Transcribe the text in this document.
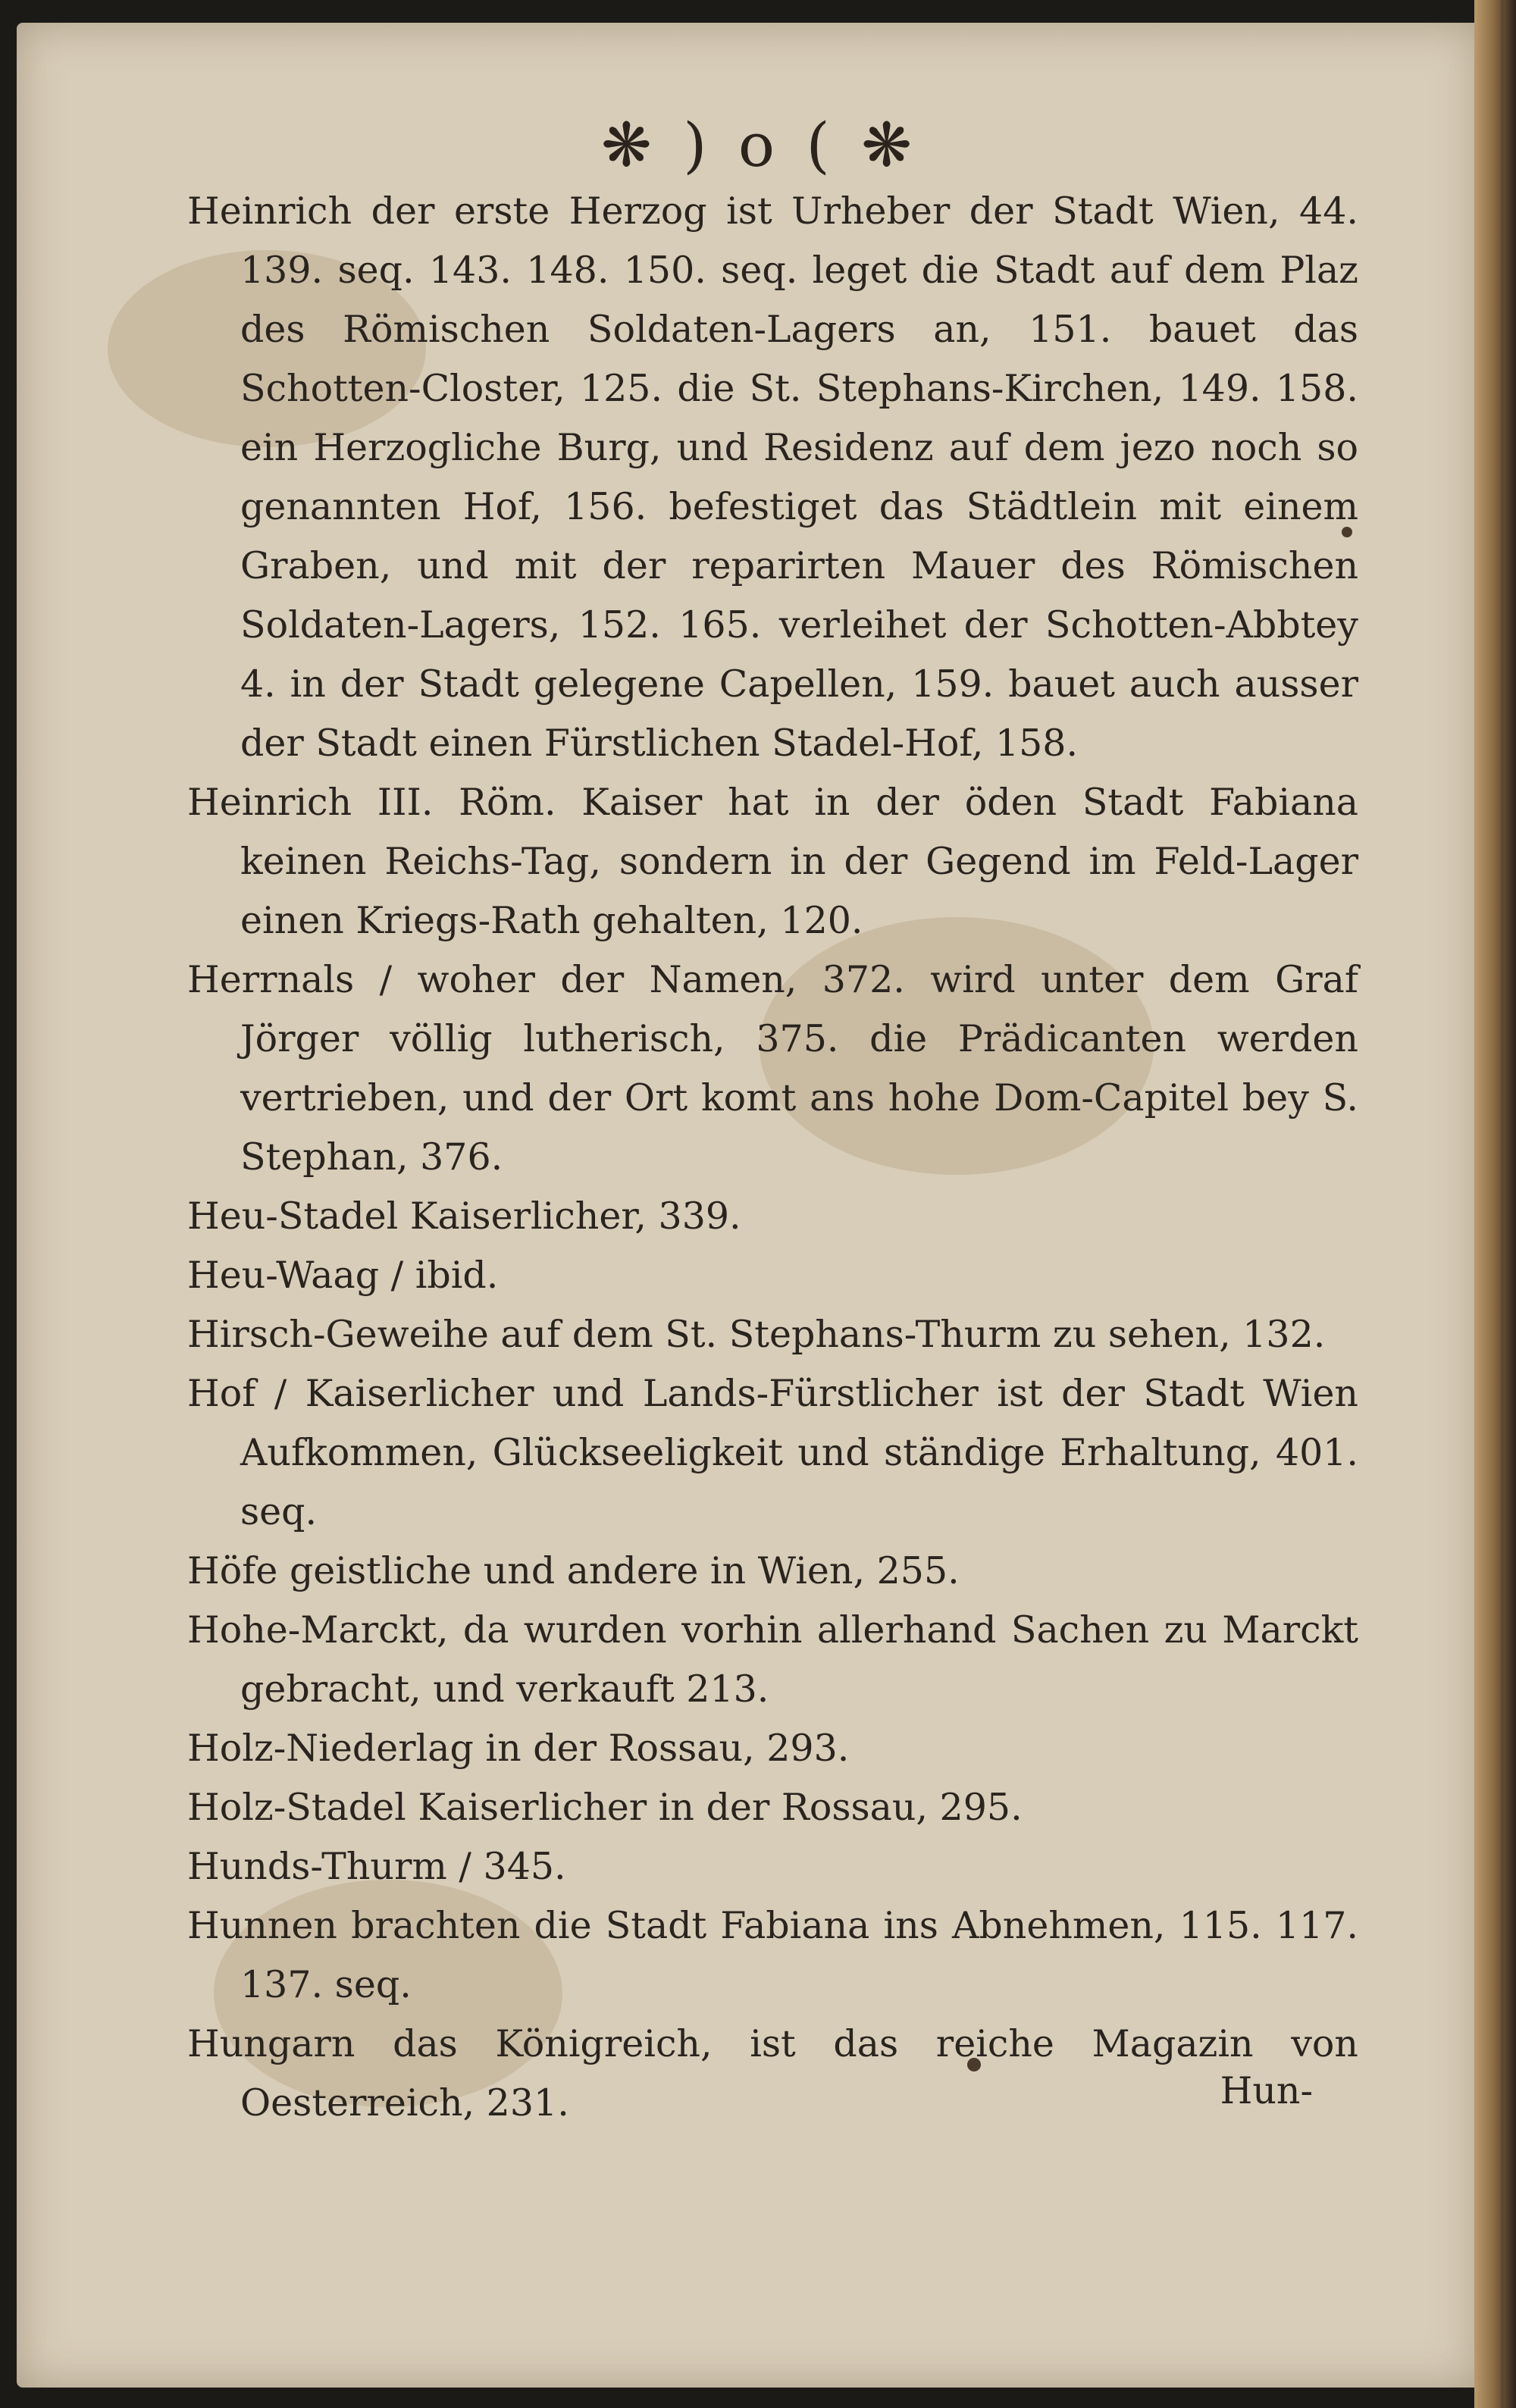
❋ ) o ( ❋

Heinrich der erste Herzog ist Urheber der Stadt Wien, 44. 139. seq. 143. 148. 150. seq. leget die Stadt auf dem Plaz des Römischen Soldaten-Lagers an, 151. bauet das Schotten-Closter, 125. die St. Stephans-Kirchen, 149. 158. ein Herzogliche Burg, und Residenz auf dem jezo noch so genannten Hof, 156. befestiget das Städtlein mit einem Graben, und mit der reparirten Mauer des Römischen Soldaten-Lagers, 152. 165. verleihet der Schotten-Abbtey 4. in der Stadt gelegene Capellen, 159. bauet auch ausser der Stadt einen Fürstlichen Stadel-Hof, 158.

Heinrich III. Röm. Kaiser hat in der öden Stadt Fabiana keinen Reichs-Tag, sondern in der Gegend im Feld-Lager einen Kriegs-Rath gehalten, 120.

Herrnals / woher der Namen, 372. wird unter dem Graf Jörger völlig lutherisch, 375. die Prädicanten werden vertrieben, und der Ort komt ans hohe Dom-Capitel bey S. Stephan, 376.

Heu-Stadel Kaiserlicher, 339.

Heu-Waag / ibid.

Hirsch-Geweihe auf dem St. Stephans-Thurm zu sehen, 132.

Hof / Kaiserlicher und Lands-Fürstlicher ist der Stadt Wien Aufkommen, Glückseeligkeit und ständige Erhaltung, 401. seq.

Höfe geistliche und andere in Wien, 255.

Hohe-Marckt, da wurden vorhin allerhand Sachen zu Marckt gebracht, und verkauft 213.

Holz-Niederlag in der Rossau, 293.

Holz-Stadel Kaiserlicher in der Rossau, 295.

Hunds-Thurm / 345.

Hunnen brachten die Stadt Fabiana ins Abnehmen, 115. 117. 137. seq.

Hungarn das Königreich, ist das reiche Magazin von Oesterreich, 231.	Hun-
